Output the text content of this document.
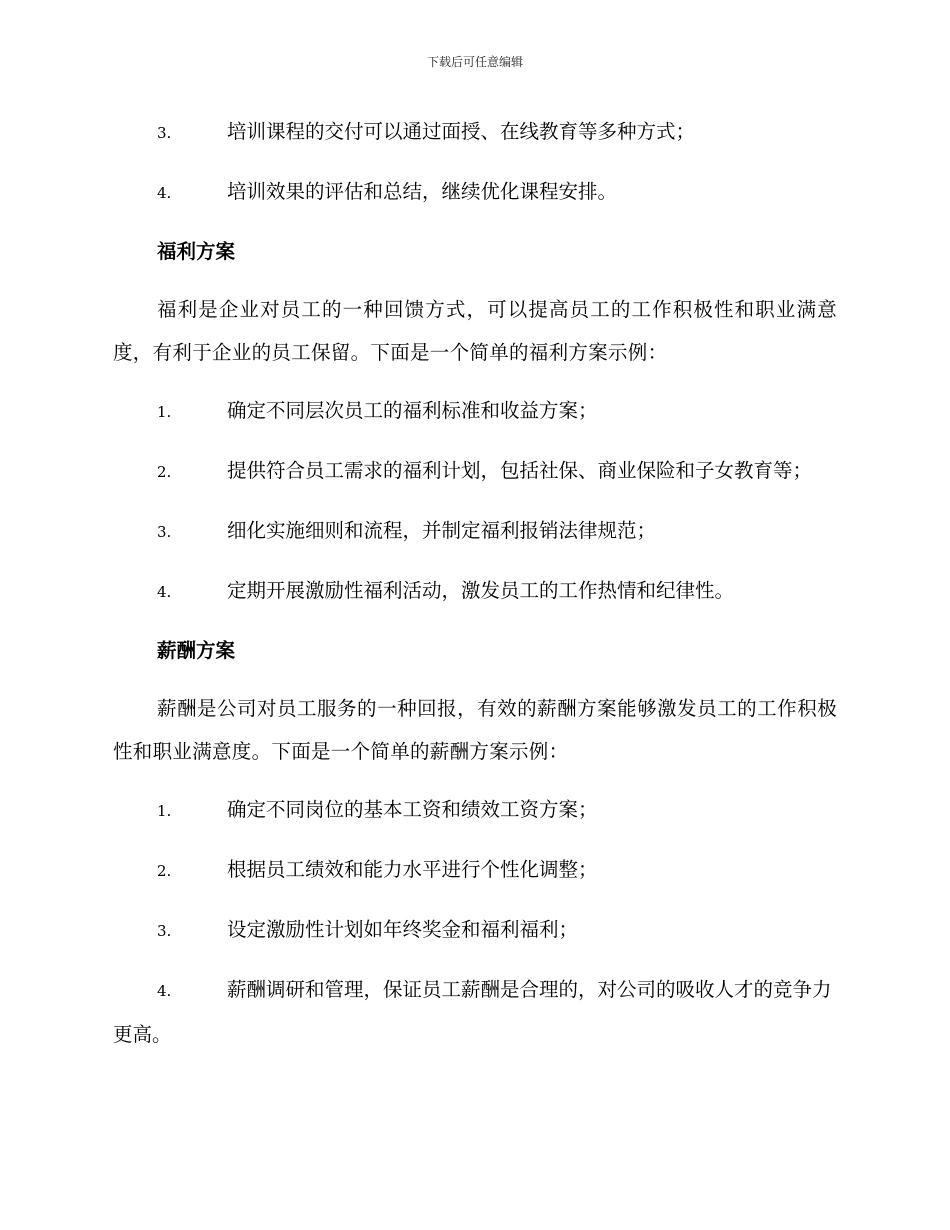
下载后可任意编辑
3.	培训课程的交付可以通过面授、在线教育等多种方式；
4.	培训效果的评估和总结，继续优化课程安排。
福利方案
福利是企业对员工的一种回馈方式，可以提高员工的工作积极性和职业满意度，有利于企业的员工保留。下面是一个简单的福利方案示例：
1.	确定不同层次员工的福利标准和收益方案；
2.	提供符合员工需求的福利计划，包括社保、商业保险和子女教育等；
3.	细化实施细则和流程，并制定福利报销法律规范；
4.	定期开展激励性福利活动，激发员工的工作热情和纪律性。
薪酬方案
薪酬是公司对员工服务的一种回报，有效的薪酬方案能够激发员工的工作积极性和职业满意度。下面是一个简单的薪酬方案示例：
1.	确定不同岗位的基本工资和绩效工资方案；
2.	根据员工绩效和能力水平进行个性化调整；
3.	设定激励性计划如年终奖金和福利福利；
4.	薪酬调研和管理，保证员工薪酬是合理的，对公司的吸收人才的竞争力更高。
